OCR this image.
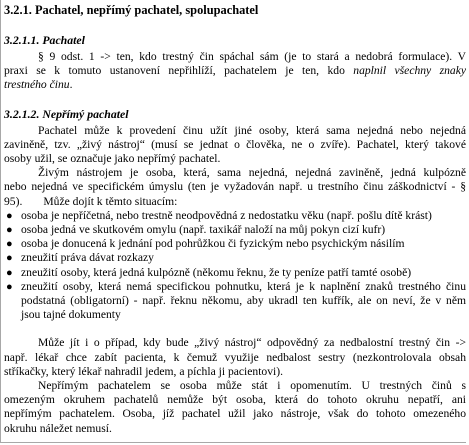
3.2.1. Pachatel, nepřímý pachatel, spolupachatel

3.2.1.1. Pachatel

§ 9 odst. 1 -> ten, kdo trestný čin spáchal sám (je to stará a nedobrá formulace). V

praxi se k tomuto ustanovení nepřihlíží, pachatelem je ten, kdo naplnil všechny znaky

trestného činu.

3.2.1.2. Nepřímý pachatel

Pachatel může k provedení činu užít jiné osoby, která sama nejedná nebo nejedná

zaviněně, tzv. „živý nástroj“ (musí se jednat o člověka, ne o zvíře). Pachatel, který takové

osoby užil, se označuje jako nepřímý pachatel.

Živým nástrojem je osoba, která, sama nejedná, nejedná zaviněně, jedná kulpózně

nebo nejedná ve specifickém úmyslu (ten je vyžadován např. u trestního činu záškodnictví - §

95). Může dojít k těmto situacím:

● osoba je nepříčetná, nebo trestně neodpovědná z nedostatku věku (např. pošlu dítě krást)
● osoba jedná ve skutkovém omylu (např. taxikář naloží na můj pokyn cizí kufr)
● osoba je donucená k jednání pod pohrůžkou či fyzickým nebo psychickým násilím
● zneužití práva dávat rozkazy
● zneužití osoby, která jedná kulpózně (někomu řeknu, že ty peníze patří tamté osobě)
● zneužití osoby, která nemá specifickou pohnutku, která je k naplnění znaků trestného činu
podstatná (obligatorní) - např. řeknu někomu, aby ukradl ten kufřík, ale on neví, že v něm
jsou tajné dokumenty

Může jít i o případ, kdy bude „živý nástroj“ odpovědný za nedbalostní trestný čin ->

např. lékař chce zabít pacienta, k čemuž využije nedbalost sestry (nezkontrolovala obsah

stříkačky, který lékař nahradil jedem, a píchla ji pacientovi).

Nepřímým pachatelem se osoba může stát i opomenutím. U trestných činů s

omezeným okruhem pachatelů nemůže být osoba, která do tohoto okruhu nepatří, ani

nepřímým pachatelem. Osoba, jíž pachatel užil jako nástroje, však do tohoto omezeného

okruhu náležet nemusí.
